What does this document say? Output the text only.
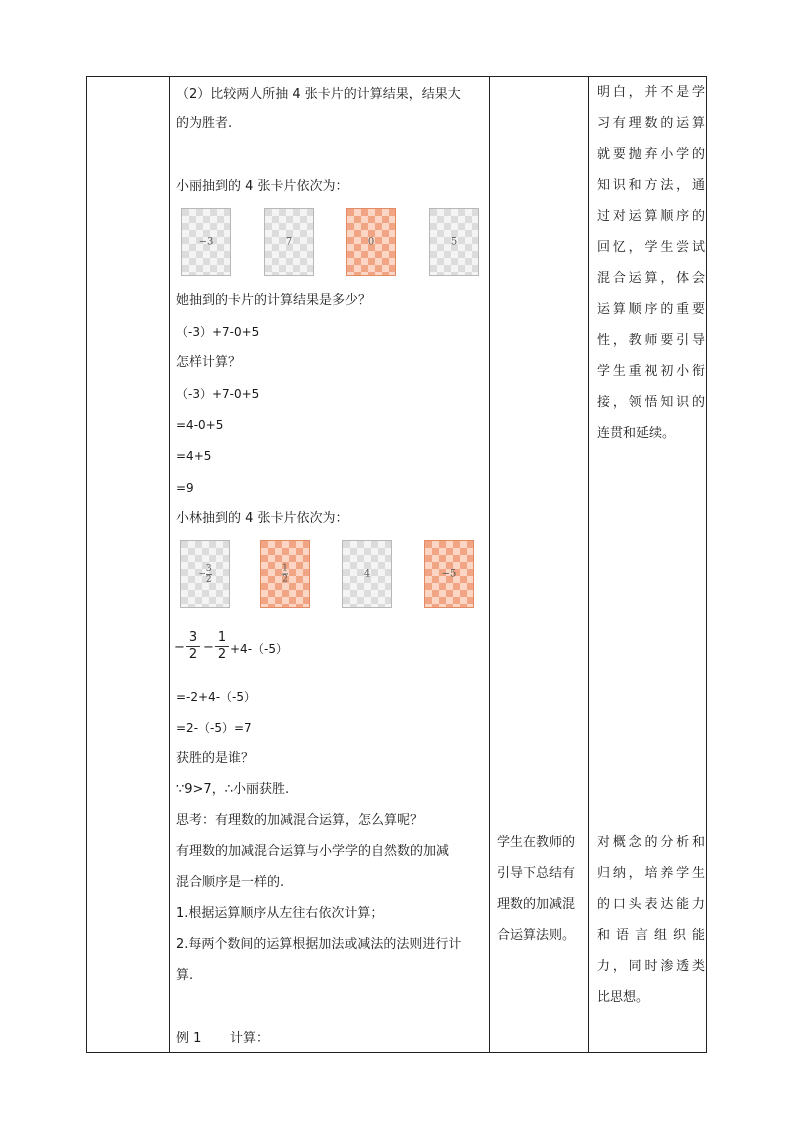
（2）比较两人所抽 4 张卡片的计算结果，结果大
的为胜者.
小丽抽到的 4 张卡片依次为：
−3	7	0	5
她抽到的卡片的计算结果是多少？
（-3）+7-0+5
怎样计算？
（-3）+7-0+5
=4-0+5
=4+5
=9
小林抽到的 4 张卡片依次为：
− $\frac{3}{2}$	$\frac{1}{2}$	4	−5
− $\frac{3}{2} - \frac{1}{2} +4-(-5)$
=-2+4-（-5）
=2-（-5）=7
获胜的是谁？
∵9>7，∴小丽获胜.
思考：有理数的加减混合运算，怎么算呢？
有理数的加减混合运算与小学学的自然数的加减
混合顺序是一样的.
1.根据运算顺序从左往右依次计算；
2.每两个数间的运算根据加法或减法的法则进行计
算.
例 1 计算：
学生在教师的
引导下总结有
理数的加减混
合运算法则。
明白，并不是学
习有理数的运算
就要抛弃小学的
知识和方法，通
过对运算顺序的
回忆，学生尝试
混合运算，体会
运算顺序的重要
性，教师要引导
学生重视初小衔
接，领悟知识的
连贯和延续。
对概念的分析和
归纳，培养学生
的口头表达能力
和语言组织能
力，同时渗透类
比思想。
